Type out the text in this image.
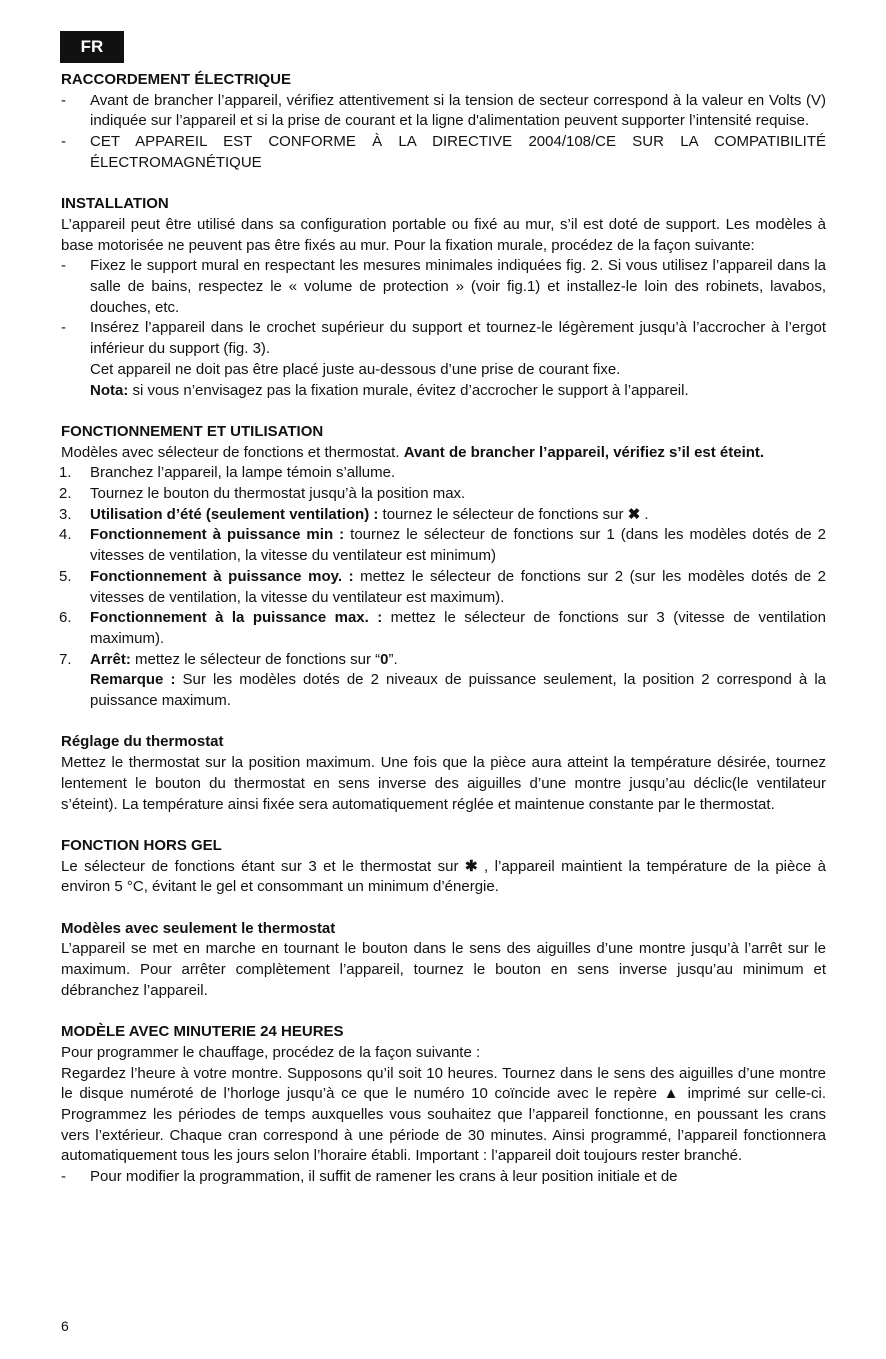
FR
RACCORDEMENT ÉLECTRIQUE
- Avant de brancher l’appareil, vérifiez attentivement si la tension de secteur correspond à la valeur en Volts (V) indiquée sur l’appareil et si la prise de courant et la ligne d'alimentation peuvent supporter l’intensité requise.
- CET APPAREIL EST CONFORME À LA DIRECTIVE 2004/108/CE SUR LA COMPATIBILITÉ ÉLECTROMAGNÉTIQUE
INSTALLATION

L’appareil peut être utilisé dans sa configuration portable ou fixé au mur, s’il est doté de support. Les modèles à base motorisée ne peuvent pas être fixés au mur. Pour la fixation murale, procédez de la façon suivante:

- Fixez le support mural en respectant les mesures minimales indiquées fig. 2. Si vous utilisez l’appareil dans la salle de bains, respectez le « volume de protection » (voir fig.1) et installez-le loin des robinets, lavabos, douches, etc.
- Insérez l’appareil dans le crochet supérieur du support et tournez-le légèrement jusqu’à l’accrocher à l’ergot inférieur du support (fig. 3).
Cet appareil ne doit pas être placé juste au-dessous d’une prise de courant fixe.
Nota: si vous n’envisagez pas la fixation murale, évitez d’accrocher le support à l’appareil.
FONCTIONNEMENT ET UTILISATION

Modèles avec sélecteur de fonctions et thermostat. Avant de brancher l’appareil, vérifiez s’il est éteint.

1. Branchez l’appareil, la lampe témoin s’allume.
2. Tournez le bouton du thermostat jusqu’à la position max.
3. Utilisation d’été (seulement ventilation) : tournez le sélecteur de fonctions sur ✖ .
4. Fonctionnement à puissance min : tournez le sélecteur de fonctions sur 1 (dans les modèles dotés de 2 vitesses de ventilation, la vitesse du ventilateur est minimum)
5. Fonctionnement à puissance moy. : mettez le sélecteur de fonctions sur 2 (sur les modèles dotés de 2 vitesses de ventilation, la vitesse du ventilateur est maximum).
6. Fonctionnement à la puissance max. : mettez le sélecteur de fonctions sur 3 (vitesse de ventilation maximum).
7. Arrêt: mettez le sélecteur de fonctions sur “0”.
Remarque : Sur les modèles dotés de 2 niveaux de puissance seulement, la position 2 correspond à la puissance maximum.
Réglage du thermostat

Mettez le thermostat sur la position maximum. Une fois que la pièce aura atteint la température désirée, tournez lentement le bouton du thermostat en sens inverse des aiguilles d’une montre jusqu’au déclic(le ventilateur s’éteint). La température ainsi fixée sera automatiquement réglée et maintenue constante par le thermostat.

FONCTION HORS GEL

Le sélecteur de fonctions étant sur 3 et le thermostat sur ✱ , l’appareil maintient la température de la pièce à environ 5 °C, évitant le gel et consommant un minimum d’énergie.

Modèles avec seulement le thermostat

L’appareil se met en marche en tournant le bouton dans le sens des aiguilles d’une montre jusqu’à l’arrêt sur le maximum. Pour arrêter complètement l’appareil, tournez le bouton en sens inverse jusqu’au minimum et débranchez l’appareil.

MODÈLE AVEC MINUTERIE 24 HEURES

Pour programmer le chauffage, procédez de la façon suivante :

Regardez l’heure à votre montre. Supposons qu’il soit 10 heures. Tournez dans le sens des aiguilles d’une montre le disque numéroté de l’horloge jusqu’à ce que le numéro 10 coïncide avec le repère ▲ imprimé sur celle-ci. Programmez les périodes de temps auxquelles vous souhaitez que l’appareil fonctionne, en poussant les crans vers l’extérieur. Chaque cran correspond à une période de 30 minutes. Ainsi programmé, l’appareil fonctionnera automatiquement tous les jours selon l’horaire établi. Important : l’appareil doit toujours rester branché.

- Pour modifier la programmation, il suffit de ramener les crans à leur position initiale et de
6
